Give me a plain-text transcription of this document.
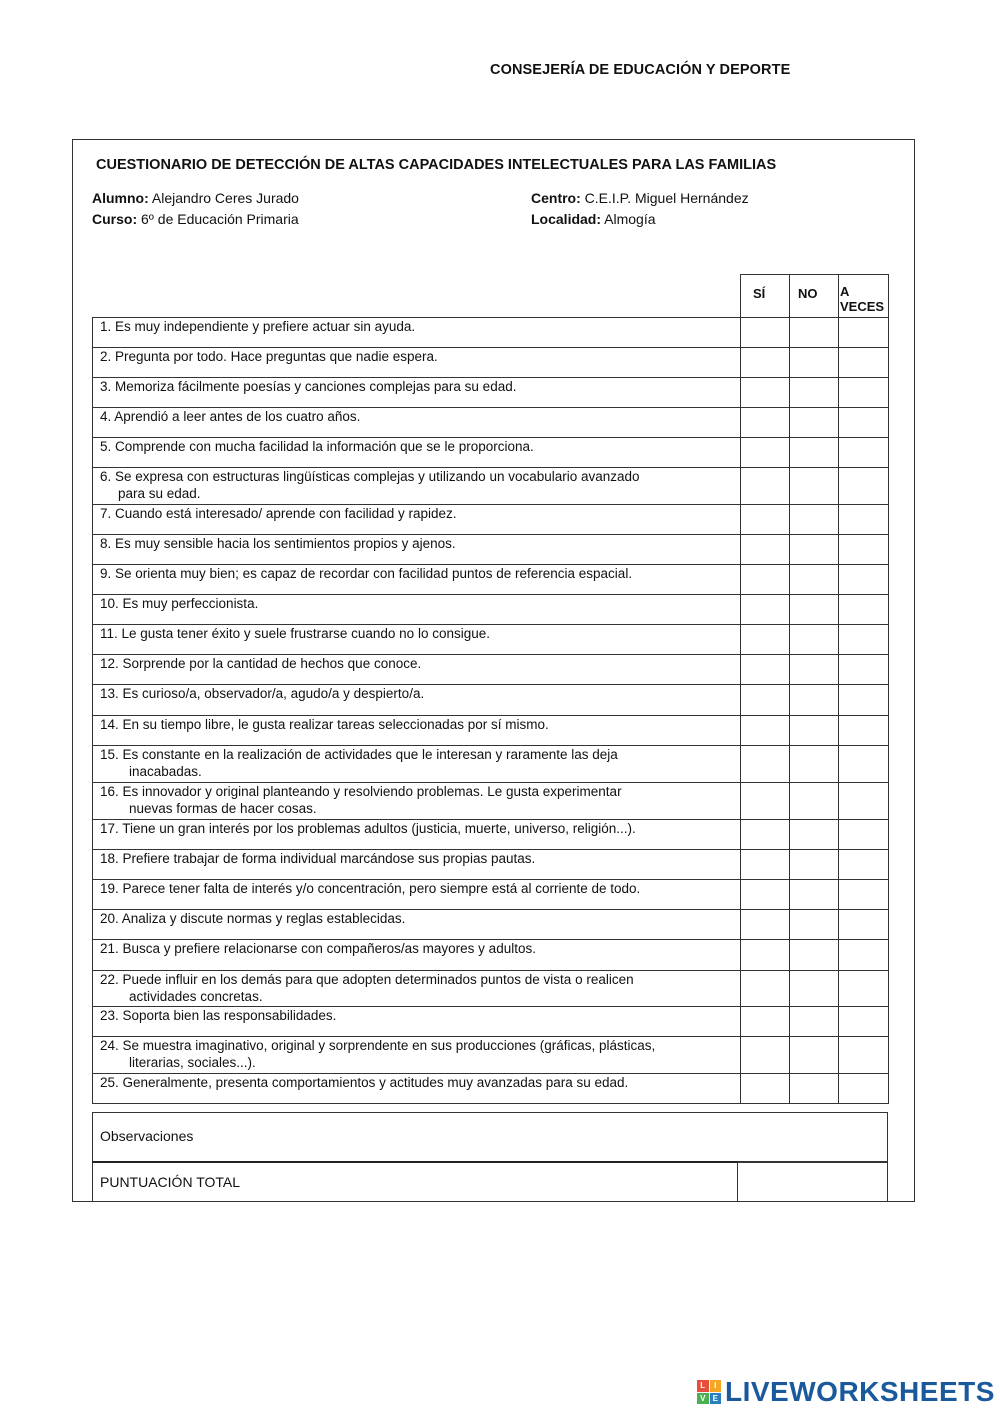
CONSEJERÍA DE EDUCACIÓN Y DEPORTE
CUESTIONARIO DE DETECCIÓN DE ALTAS CAPACIDADES INTELECTUALES PARA LAS FAMILIAS
Alumno: Alejandro Ceres Jurado
Curso: 6º de Educación Primaria
Centro: C.E.I.P. Miguel Hernández
Localidad: Almogía
SÍ	NO A
VECES
1. Es muy independiente y prefiere actuar sin ayuda.
2. Pregunta por todo. Hace preguntas que nadie espera.
3. Memoriza fácilmente poesías y canciones complejas para su edad.
4. Aprendió a leer antes de los cuatro años.
5. Comprende con mucha facilidad la información que se le proporciona.
6. Se expresa con estructuras lingüísticas complejas y utilizando un vocabulario avanzado
para su edad.
7. Cuando está interesado/ aprende con facilidad y rapidez.
8. Es muy sensible hacia los sentimientos propios y ajenos.
9. Se orienta muy bien; es capaz de recordar con facilidad puntos de referencia espacial.
10. Es muy perfeccionista.
11. Le gusta tener éxito y suele frustrarse cuando no lo consigue.
12. Sorprende por la cantidad de hechos que conoce.
13. Es curioso/a, observador/a, agudo/a y despierto/a.
14. En su tiempo libre, le gusta realizar tareas seleccionadas por sí mismo.
15. Es constante en la realización de actividades que le interesan y raramente las deja
inacabadas.
16. Es innovador y original planteando y resolviendo problemas. Le gusta experimentar
nuevas formas de hacer cosas.
17. Tiene un gran interés por los problemas adultos (justicia, muerte, universo, religión...).
18. Prefiere trabajar de forma individual marcándose sus propias pautas.
19. Parece tener falta de interés y/o concentración, pero siempre está al corriente de todo.
20. Analiza y discute normas y reglas establecidas.
21. Busca y prefiere relacionarse con compañeros/as mayores y adultos.
22. Puede influir en los demás para que adopten determinados puntos de vista o realicen
actividades concretas.
23. Soporta bien las responsabilidades.
24. Se muestra imaginativo, original y sorprendente en sus producciones (gráficas, plásticas,
literarias, sociales...).
25. Generalmente, presenta comportamientos y actitudes muy avanzadas para su edad.
Observaciones
PUNTUACIÓN TOTAL
L	I
V E LIVEWORKSHEETS
